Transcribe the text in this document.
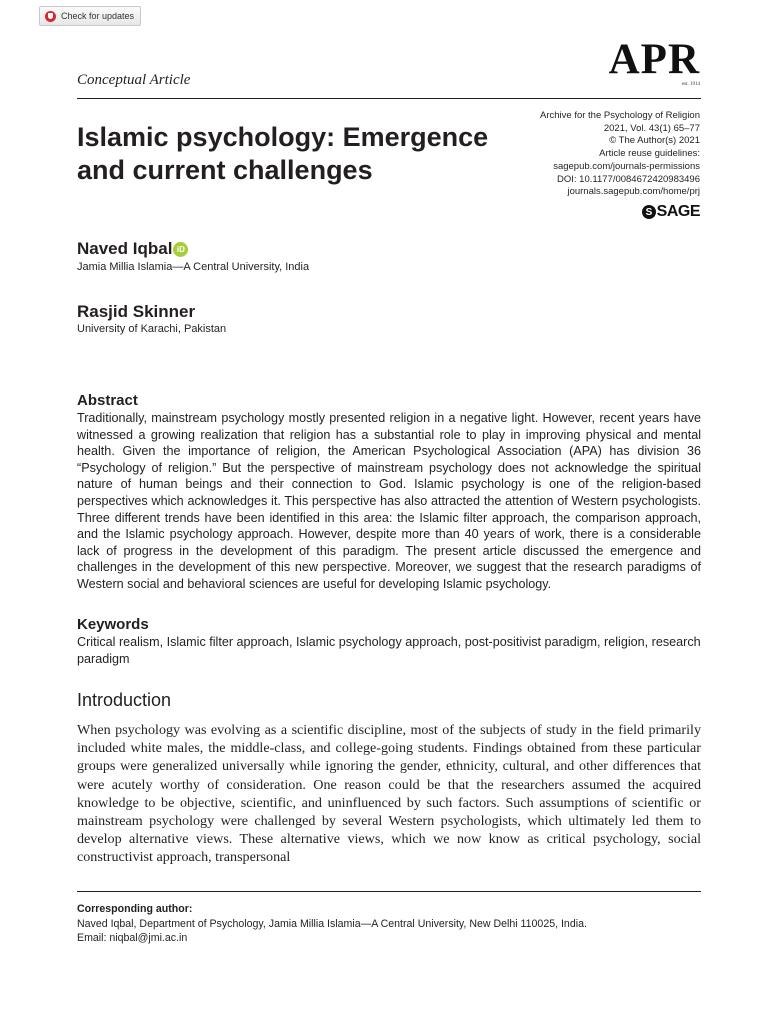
Check for updates
APR
est. 1914
Conceptual Article
Islamic psychology: Emergence and current challenges
Archive for the Psychology of Religion
2021, Vol. 43(1) 65–77
© The Author(s) 2021
Article reuse guidelines:
sagepub.com/journals-permissions
DOI: 10.1177/0084672420983496
journals.sagepub.com/home/prj
S SAGE
Naved Iqbal iD
Jamia Millia Islamia—A Central University, India
Rasjid Skinner
University of Karachi, Pakistan
Abstract

Traditionally, mainstream psychology mostly presented religion in a negative light. However, recent years have witnessed a growing realization that religion has a substantial role to play in improving physical and mental health. Given the importance of religion, the American Psychological Association (APA) has division 36 “Psychology of religion.” But the perspective of mainstream psychology does not acknowledge the spiritual nature of human beings and their connection to God. Islamic psychology is one of the religion-based perspectives which acknowledges it. This perspective has also attracted the attention of Western psychologists. Three different trends have been identified in this area: the Islamic filter approach, the comparison approach, and the Islamic psychology approach. However, despite more than 40 years of work, there is a considerable lack of progress in the development of this paradigm. The present article discussed the emergence and challenges in the development of this new perspective. Moreover, we suggest that the research paradigms of Western social and behavioral sciences are useful for developing Islamic psychology.

Keywords

Critical realism, Islamic filter approach, Islamic psychology approach, post-positivist paradigm, religion, research paradigm

Introduction

When psychology was evolving as a scientific discipline, most of the subjects of study in the field primarily included white males, the middle-class, and college-going students. Findings obtained from these particular groups were generalized universally while ignoring the gender, ethnicity, cultural, and other differences that were acutely worthy of consideration. One reason could be that the researchers assumed the acquired knowledge to be objective, scientific, and uninfluenced by such factors. Such assumptions of scientific or mainstream psychology were challenged by several Western psychologists, which ultimately led them to develop alternative views. These alternative views, which we now know as critical psychology, social constructivist approach, transpersonal

Corresponding author:
Naved Iqbal, Department of Psychology, Jamia Millia Islamia—A Central University, New Delhi 110025, India.
Email: niqbal@jmi.ac.in
